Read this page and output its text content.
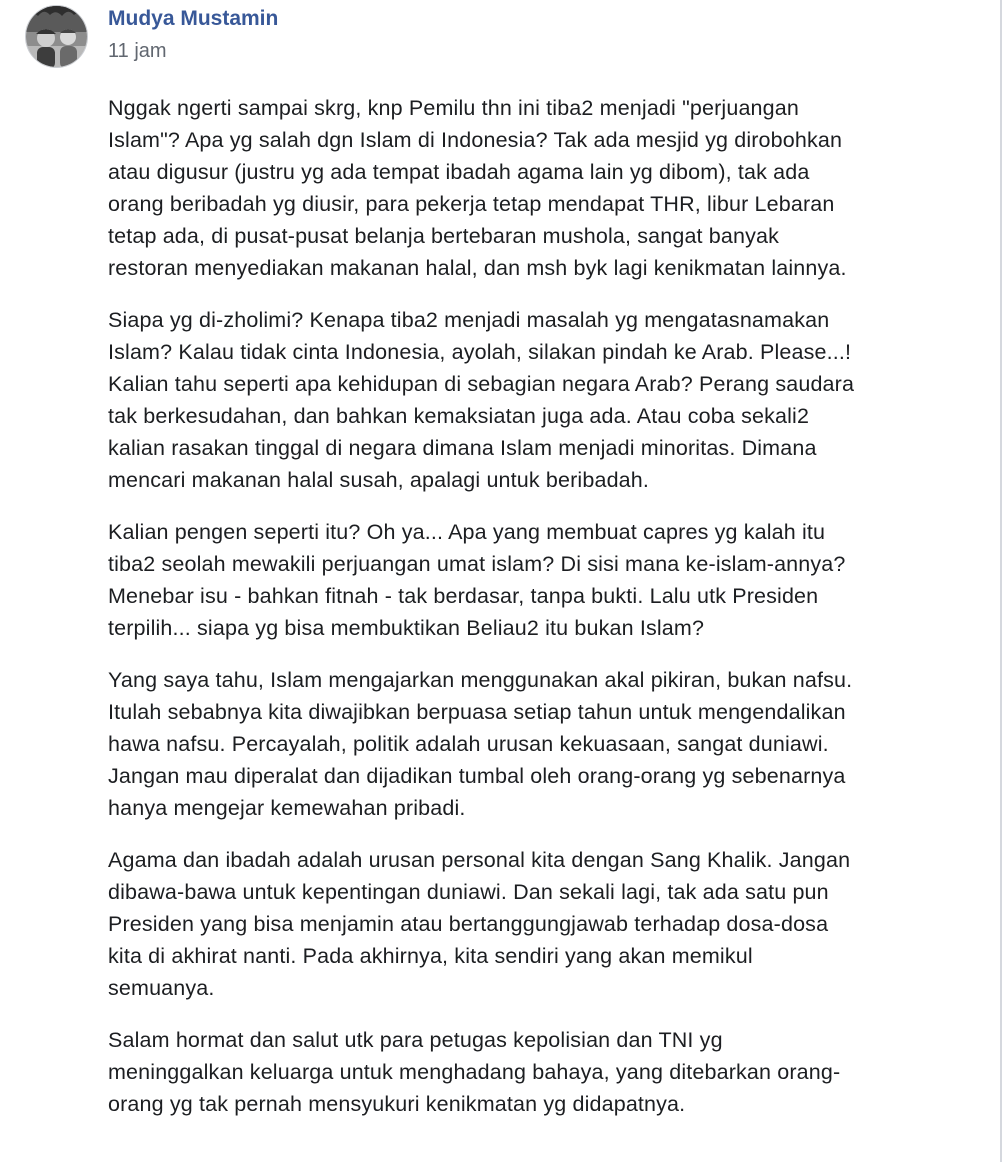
Mudya Mustamin
11 jam

Nggak ngerti sampai skrg, knp Pemilu thn ini tiba2 menjadi "perjuangan
Islam"? Apa yg salah dgn Islam di Indonesia? Tak ada mesjid yg dirobohkan
atau digusur (justru yg ada tempat ibadah agama lain yg dibom), tak ada
orang beribadah yg diusir, para pekerja tetap mendapat THR, libur Lebaran
tetap ada, di pusat-pusat belanja bertebaran mushola, sangat banyak
restoran menyediakan makanan halal, dan msh byk lagi kenikmatan lainnya.

Siapa yg di-zholimi? Kenapa tiba2 menjadi masalah yg mengatasnamakan
Islam? Kalau tidak cinta Indonesia, ayolah, silakan pindah ke Arab. Please...!
Kalian tahu seperti apa kehidupan di sebagian negara Arab? Perang saudara
tak berkesudahan, dan bahkan kemaksiatan juga ada. Atau coba sekali2
kalian rasakan tinggal di negara dimana Islam menjadi minoritas. Dimana
mencari makanan halal susah, apalagi untuk beribadah.

Kalian pengen seperti itu? Oh ya... Apa yang membuat capres yg kalah itu
tiba2 seolah mewakili perjuangan umat islam? Di sisi mana ke-islam-annya?
Menebar isu - bahkan fitnah - tak berdasar, tanpa bukti. Lalu utk Presiden
terpilih... siapa yg bisa membuktikan Beliau2 itu bukan Islam?

Yang saya tahu, Islam mengajarkan menggunakan akal pikiran, bukan nafsu.
Itulah sebabnya kita diwajibkan berpuasa setiap tahun untuk mengendalikan
hawa nafsu. Percayalah, politik adalah urusan kekuasaan, sangat duniawi.
Jangan mau diperalat dan dijadikan tumbal oleh orang-orang yg sebenarnya
hanya mengejar kemewahan pribadi.

Agama dan ibadah adalah urusan personal kita dengan Sang Khalik. Jangan
dibawa-bawa untuk kepentingan duniawi. Dan sekali lagi, tak ada satu pun
Presiden yang bisa menjamin atau bertanggungjawab terhadap dosa-dosa
kita di akhirat nanti. Pada akhirnya, kita sendiri yang akan memikul
semuanya.

Salam hormat dan salut utk para petugas kepolisian dan TNI yg
meninggalkan keluarga untuk menghadang bahaya, yang ditebarkan orang-
orang yg tak pernah mensyukuri kenikmatan yg didapatnya.
